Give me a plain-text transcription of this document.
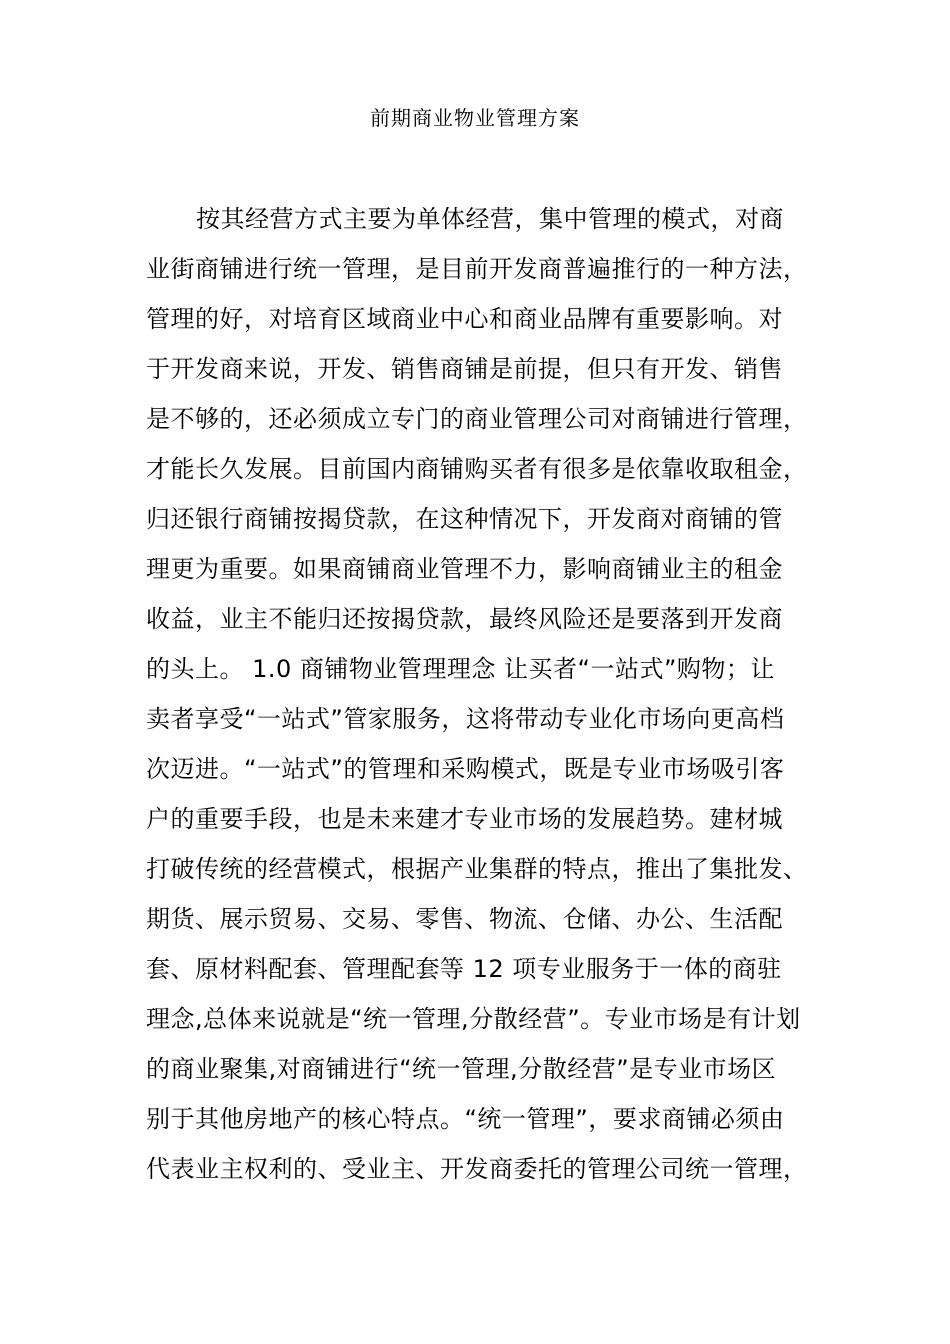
前期商业物业管理方案
按其经营方式主要为单体经营，集中管理的模式，对商
业街商铺进行统一管理，是目前开发商普遍推行的一种方法，
管理的好，对培育区域商业中心和商业品牌有重要影响。对
于开发商来说，开发、销售商铺是前提，但只有开发、销售
是不够的，还必须成立专门的商业管理公司对商铺进行管理，
才能长久发展。目前国内商铺购买者有很多是依靠收取租金，
归还银行商铺按揭贷款，在这种情况下，开发商对商铺的管
理更为重要。如果商铺商业管理不力，影响商铺业主的租金
收益，业主不能归还按揭贷款，最终风险还是要落到开发商
的头上。 1.0 商铺物业管理理念 让买者“一站式”购物；让
卖者享受“一站式”管家服务，这将带动专业化市场向更高档
次迈进。“一站式”的管理和采购模式，既是专业市场吸引客
户的重要手段，也是未来建才专业市场的发展趋势。建材城
打破传统的经营模式，根据产业集群的特点，推出了集批发、
期货、展示贸易、交易、零售、物流、仓储、办公、生活配
套、原材料配套、管理配套等 12 项专业服务于一体的商驻
理念,总体来说就是“统一管理,分散经营”。专业市场是有计划
的商业聚集,对商铺进行“统一管理,分散经营”是专业市场区
别于其他房地产的核心特点。“统一管理”，要求商铺必须由
代表业主权利的、受业主、开发商委托的管理公司统一管理，
